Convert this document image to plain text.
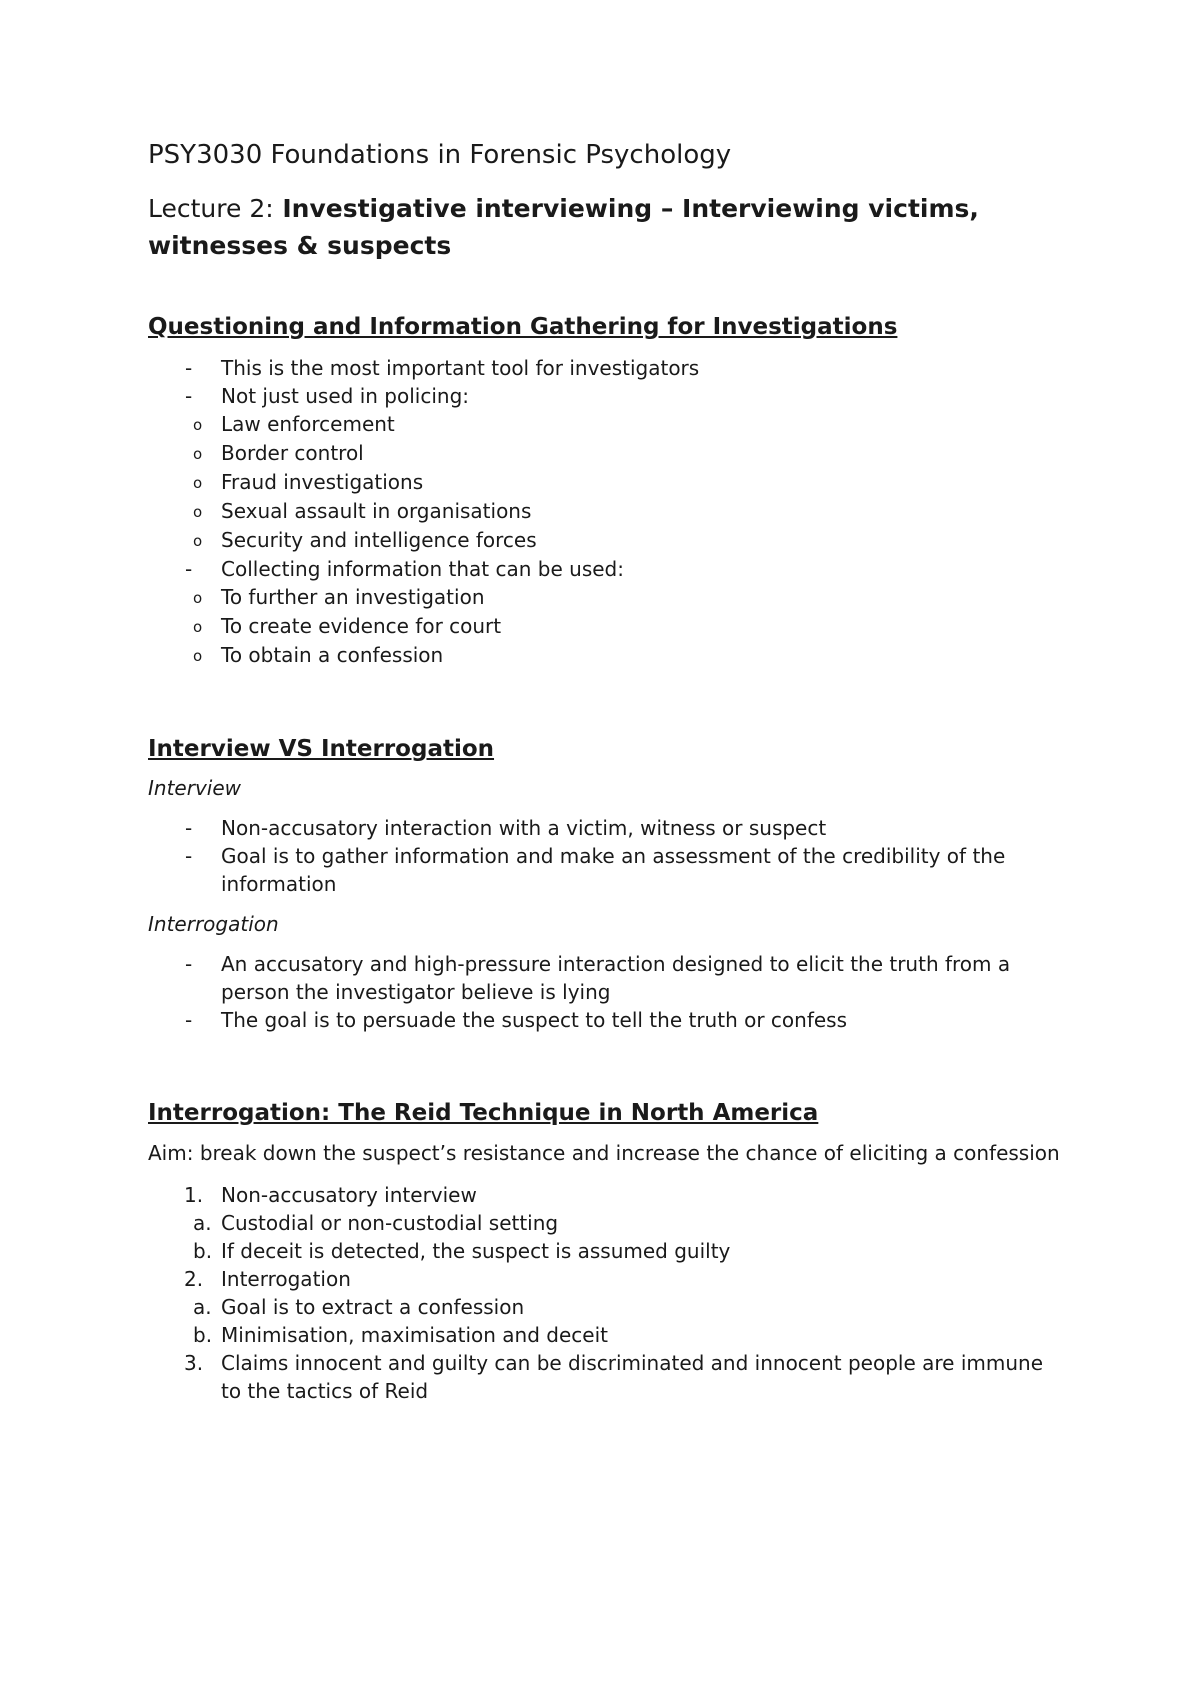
PSY3030 Foundations in Forensic Psychology
Lecture 2: Investigative interviewing – Interviewing victims, witnesses & suspects
Questioning and Information Gathering for Investigations
- This is the most important tool for investigators
- Not just used in policing:
o Law enforcement
o Border control
o Fraud investigations
o Sexual assault in organisations
o Security and intelligence forces
- Collecting information that can be used:
o To further an investigation
o To create evidence for court
o To obtain a confession
Interview VS Interrogation
Interview
- Non-accusatory interaction with a victim, witness or suspect
- Goal is to gather information and make an assessment of the credibility of the information
Interrogation
- An accusatory and high-pressure interaction designed to elicit the truth from a person the investigator believe is lying
- The goal is to persuade the suspect to tell the truth or confess
Interrogation: The Reid Technique in North America
Aim: break down the suspect’s resistance and increase the chance of eliciting a confession
1. Non-accusatory interview
a. Custodial or non-custodial setting
b. If deceit is detected, the suspect is assumed guilty
2. Interrogation
a. Goal is to extract a confession
b. Minimisation, maximisation and deceit
3. Claims innocent and guilty can be discriminated and innocent people are immune to the tactics of Reid
